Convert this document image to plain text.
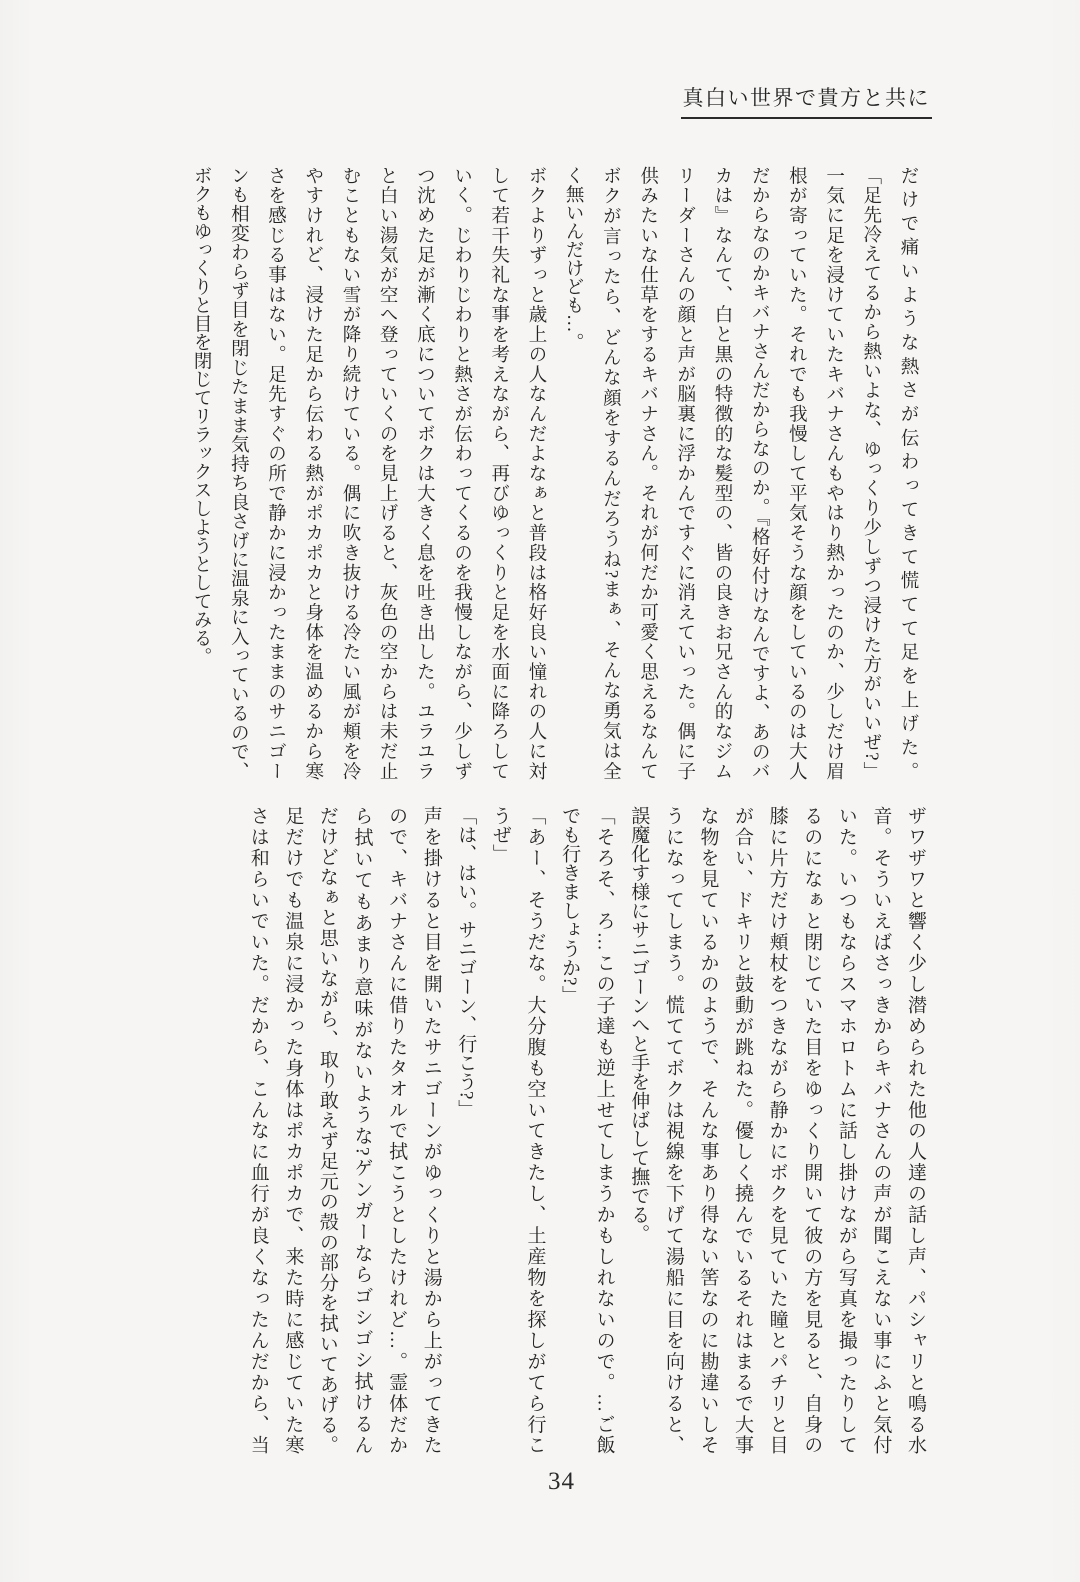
真白い世界で貴方と共に

だけで痛いような熱さが伝わってきて慌てて足を上げた。

「足先冷えてるから熱いよな、ゆっくり少しずつ浸けた方がいいぜ?」

一気に足を浸けていたキバナさんもやはり熱かったのか、少しだけ眉

根が寄っていた。それでも我慢して平気そうな顔をしているのは大人

だからなのかキバナさんだからなのか。『格好付けなんですよ、あのバ

カは』なんて、白と黒の特徴的な髪型の、皆の良きお兄さん的なジム

リーダーさんの顔と声が脳裏に浮かんですぐに消えていった。偶に子

供みたいな仕草をするキバナさん。それが何だか可愛く思えるなんて

ボクが言ったら、どんな顔をするんだろうね?まぁ、そんな勇気は全

く無いんだけども…。

ボクよりずっと歳上の人なんだよなぁと普段は格好良い憧れの人に対

して若干失礼な事を考えながら、再びゆっくりと足を水面に降ろして

いく。じわりじわりと熱さが伝わってくるのを我慢しながら、少しず

つ沈めた足が漸く底についてボクは大きく息を吐き出した。ユラユラ

と白い湯気が空へ登っていくのを見上げると、灰色の空からは未だ止

むこともない雪が降り続けている。偶に吹き抜ける冷たい風が頬を冷

やすけれど、浸けた足から伝わる熱がポカポカと身体を温めるから寒

さを感じる事はない。足先すぐの所で静かに浸かったままのサニゴー

ンも相変わらず目を閉じたまま気持ち良さげに温泉に入っているので、

ボクもゆっくりと目を閉じてリラックスしようとしてみる。

ザワザワと響く少し潜められた他の人達の話し声、パシャリと鳴る水

音。そういえばさっきからキバナさんの声が聞こえない事にふと気付

いた。いつもならスマホロトムに話し掛けながら写真を撮ったりして

るのになぁと閉じていた目をゆっくり開いて彼の方を見ると、自身の

膝に片方だけ頬杖をつきながら静かにボクを見ていた瞳とパチリと目

が合い、ドキリと鼓動が跳ねた。優しく撓んでいるそれはまるで大事

な物を見ているかのようで、そんな事あり得ない筈なのに勘違いしそ

うになってしまう。慌ててボクは視線を下げて湯船に目を向けると、

誤魔化す様にサニゴーンへと手を伸ばして撫でる。

「そろそ、ろ…この子達も逆上せてしまうかもしれないので。…ご飯

でも行きましょうか?」

「あー、そうだな。大分腹も空いてきたし、土産物を探しがてら行こ

うぜ」

「は、はい。サニゴーン、行こう?」

声を掛けると目を開いたサニゴーンがゆっくりと湯から上がってきた

ので、キバナさんに借りたタオルで拭こうとしたけれど…。霊体だか

ら拭いてもあまり意味がないような?ゲンガーならゴシゴシ拭けるん

だけどなぁと思いながら、取り敢えず足元の殻の部分を拭いてあげる。

足だけでも温泉に浸かった身体はポカポカで、来た時に感じていた寒

さは和らいでいた。だから、こんなに血行が良くなったんだから、当

34
